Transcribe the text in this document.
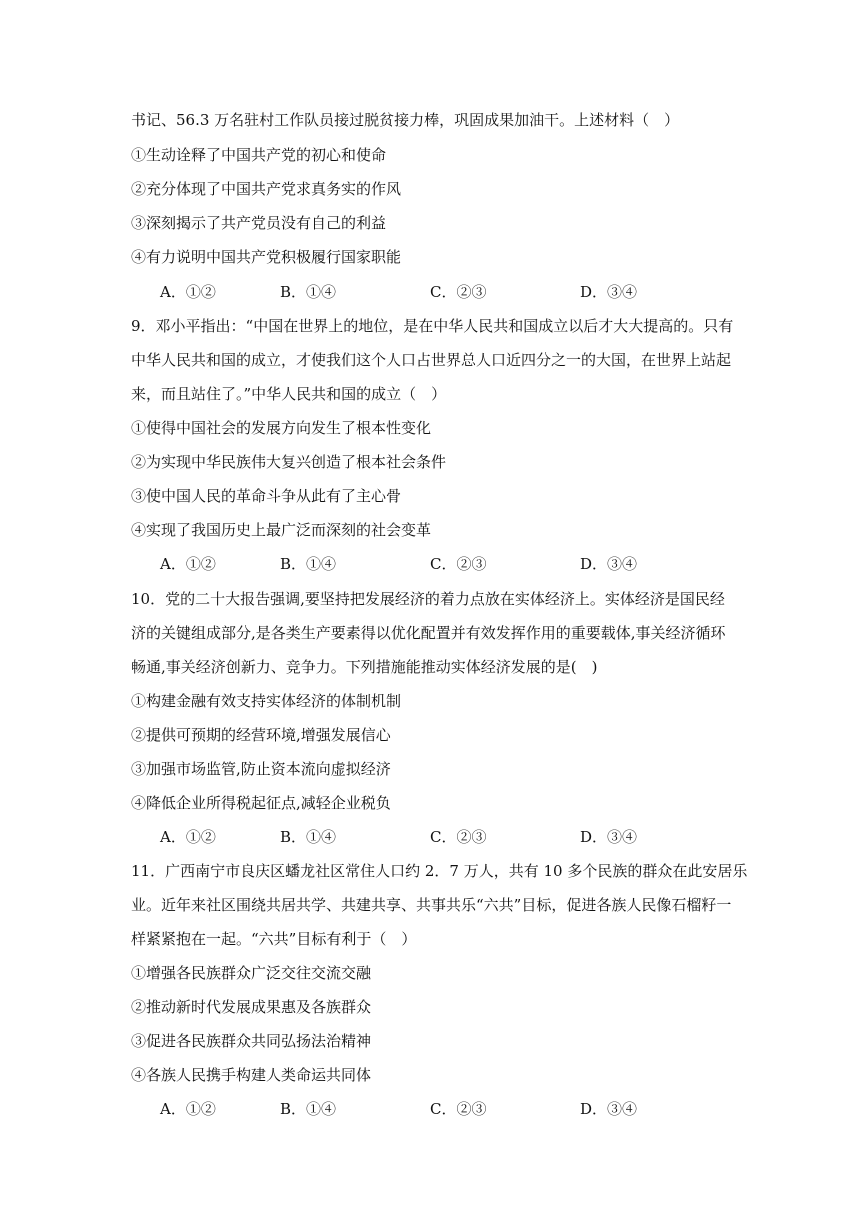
书记、56.3 万名驻村工作队员接过脱贫接力棒，巩固成果加油干。上述材料（　）
①生动诠释了中国共产党的初心和使命
②充分体现了中国共产党求真务实的作风
③深刻揭示了共产党员没有自己的利益
④有力说明中国共产党积极履行国家职能
A．①②	B．①④	C．②③	D．③④
9．邓小平指出：“中国在世界上的地位，是在中华人民共和国成立以后才大大提高的。只有
中华人民共和国的成立，才使我们这个人口占世界总人口近四分之一的大国，在世界上站起
来，而且站住了。”中华人民共和国的成立（　）
①使得中国社会的发展方向发生了根本性变化
②为实现中华民族伟大复兴创造了根本社会条件
③使中国人民的革命斗争从此有了主心骨
④实现了我国历史上最广泛而深刻的社会变革
A．①②	B．①④	C．②③	D．③④
10．党的二十大报告强调,要坚持把发展经济的着力点放在实体经济上。实体经济是国民经
济的关键组成部分,是各类生产要素得以优化配置并有效发挥作用的重要载体,事关经济循环
畅通,事关经济创新力、竞争力。下列措施能推动实体经济发展的是(　)
①构建金融有效支持实体经济的体制机制
②提供可预期的经营环境,增强发展信心
③加强市场监管,防止资本流向虚拟经济
④降低企业所得税起征点,减轻企业税负
A．①②	B．①④	C．②③	D．③④
11．广西南宁市良庆区蟠龙社区常住人口约 2．7 万人，共有 10 多个民族的群众在此安居乐
业。近年来社区围绕共居共学、共建共享、共事共乐“六共”目标，促进各族人民像石榴籽一
样紧紧抱在一起。“六共”目标有利于（　）
①增强各民族群众广泛交往交流交融
②推动新时代发展成果惠及各族群众
③促进各民族群众共同弘扬法治精神
④各族人民携手构建人类命运共同体
A．①②	B．①④	C．②③	D．③④
